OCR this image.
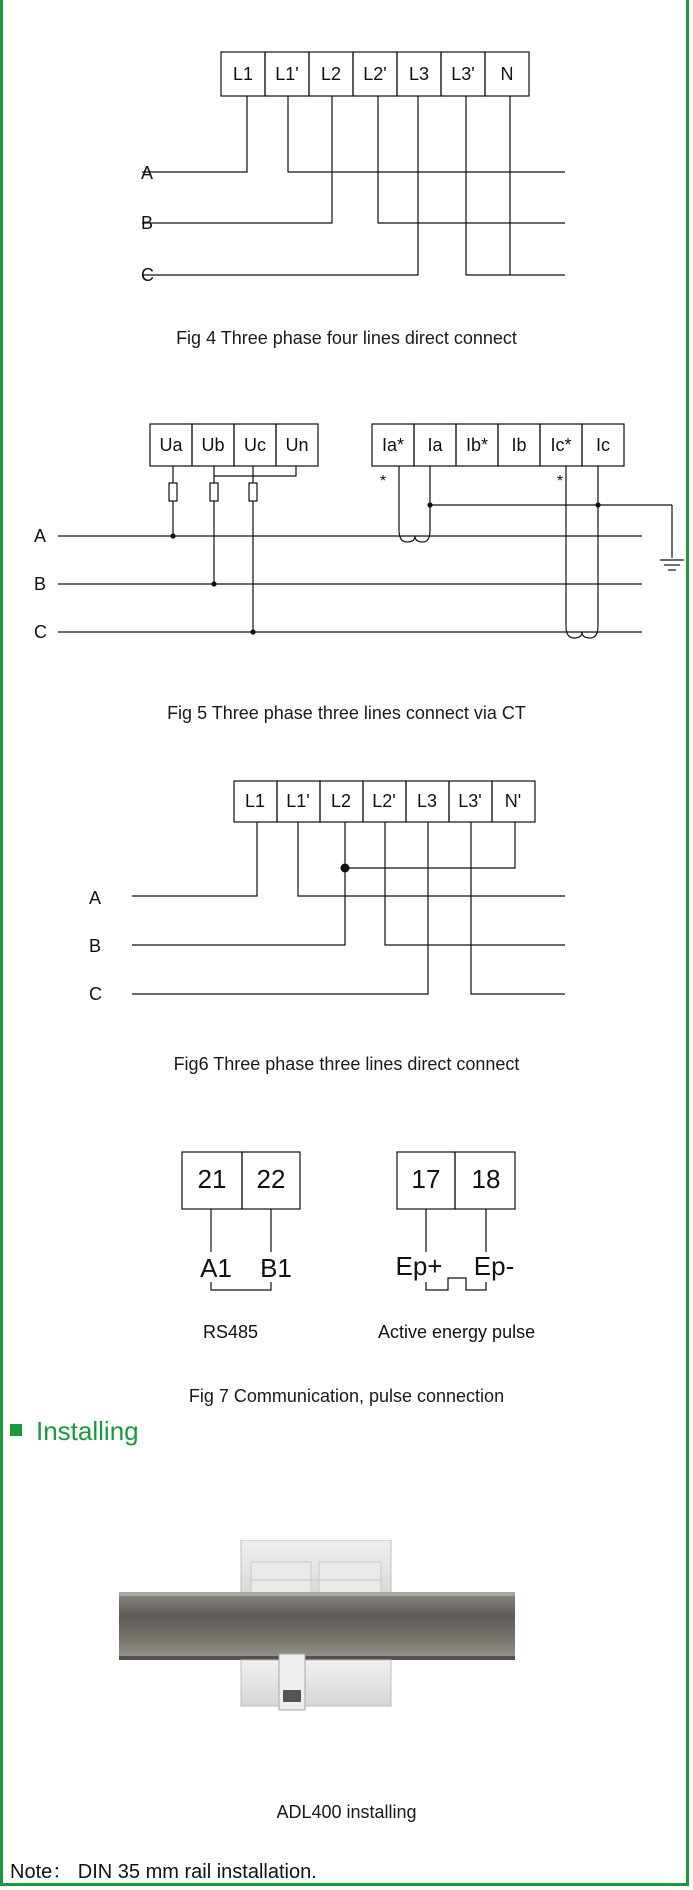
L1 L1' L2 L2' L3 L3' N
A
B
C
Ua Ub Uc Un	Ia* Ia Ib* Ib Ic* Ic
*	*
A
B
C
L1 L1' L2 L2' L3 L3' N'
A
B
C
21 22	17 18
A1 B1	Ep+ Ep-
Fig 4 Three phase four lines direct connect
Fig 5 Three phase three lines connect via CT
Fig6 Three phase three lines direct connect
RS485	Active energy pulse
Fig 7 Communication, pulse connection
Installing
ADL400 installing
Note： DIN 35 mm rail installation.
